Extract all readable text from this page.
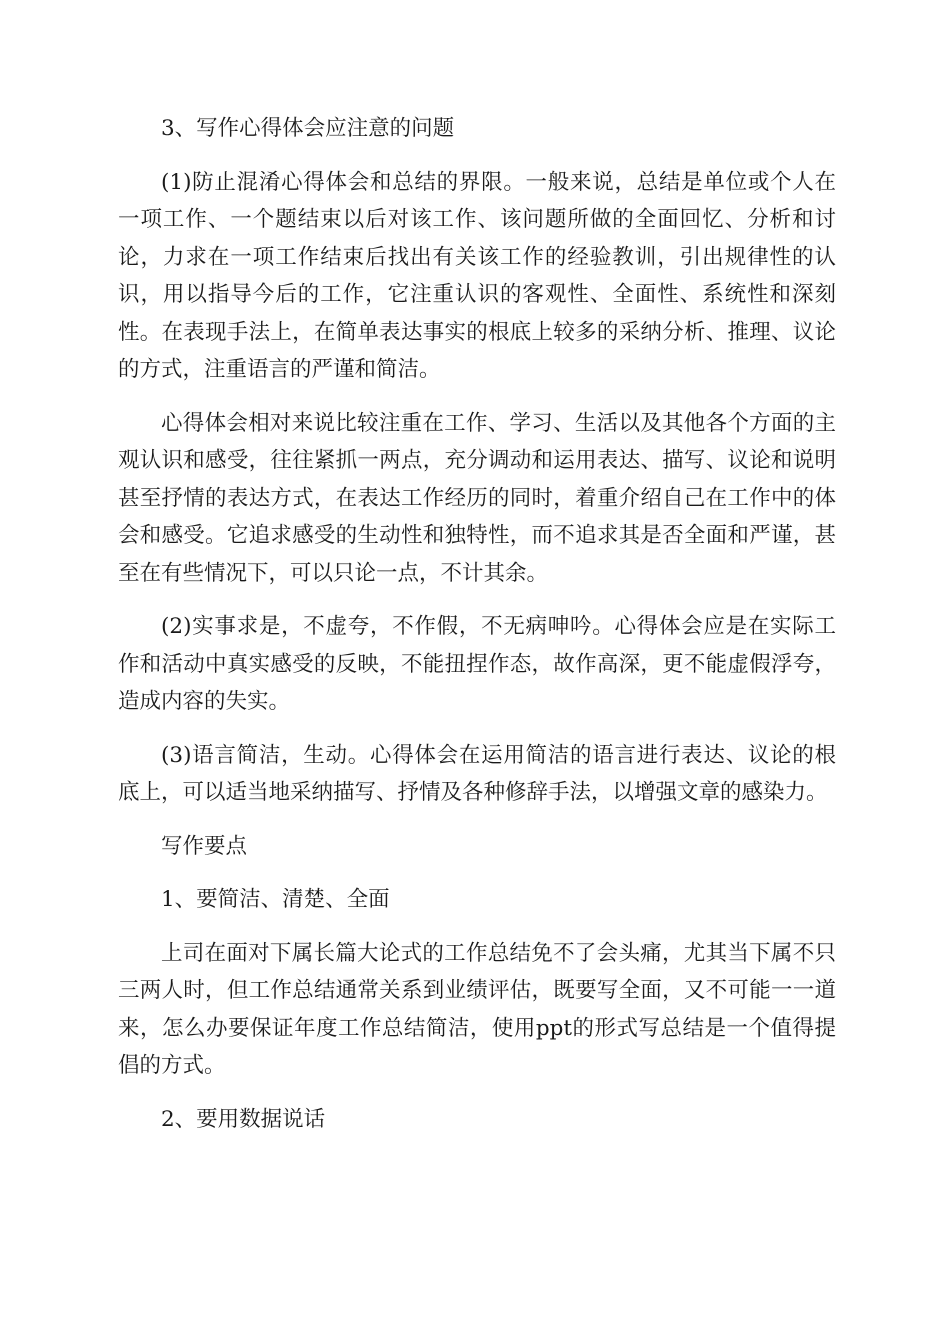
3、写作心得体会应注意的问题

(1)防止混淆心得体会和总结的界限。一般来说，总结是单位或个人在一项工作、一个题结束以后对该工作、该问题所做的全面回忆、分析和讨论，力求在一项工作结束后找出有关该工作的经验教训，引出规律性的认识，用以指导今后的工作，它注重认识的客观性、全面性、系统性和深刻性。在表现手法上，在简单表达事实的根底上较多的采纳分析、推理、议论的方式，注重语言的严谨和简洁。

心得体会相对来说比较注重在工作、学习、生活以及其他各个方面的主观认识和感受，往往紧抓一两点，充分调动和运用表达、描写、议论和说明甚至抒情的表达方式，在表达工作经历的同时，着重介绍自己在工作中的体会和感受。它追求感受的生动性和独特性，而不追求其是否全面和严谨，甚至在有些情况下，可以只论一点，不计其余。

(2)实事求是，不虚夸，不作假，不无病呻吟。心得体会应是在实际工作和活动中真实感受的反映，不能扭捏作态，故作高深，更不能虚假浮夸，造成内容的失实。

(3)语言简洁，生动。心得体会在运用简洁的语言进行表达、议论的根底上，可以适当地采纳描写、抒情及各种修辞手法，以增强文章的感染力。

写作要点

1、要简洁、清楚、全面

上司在面对下属长篇大论式的工作总结免不了会头痛，尤其当下属不只三两人时，但工作总结通常关系到业绩评估，既要写全面，又不可能一一道来，怎么办要保证年度工作总结简洁，使用ppt的形式写总结是一个值得提倡的方式。

2、要用数据说话
